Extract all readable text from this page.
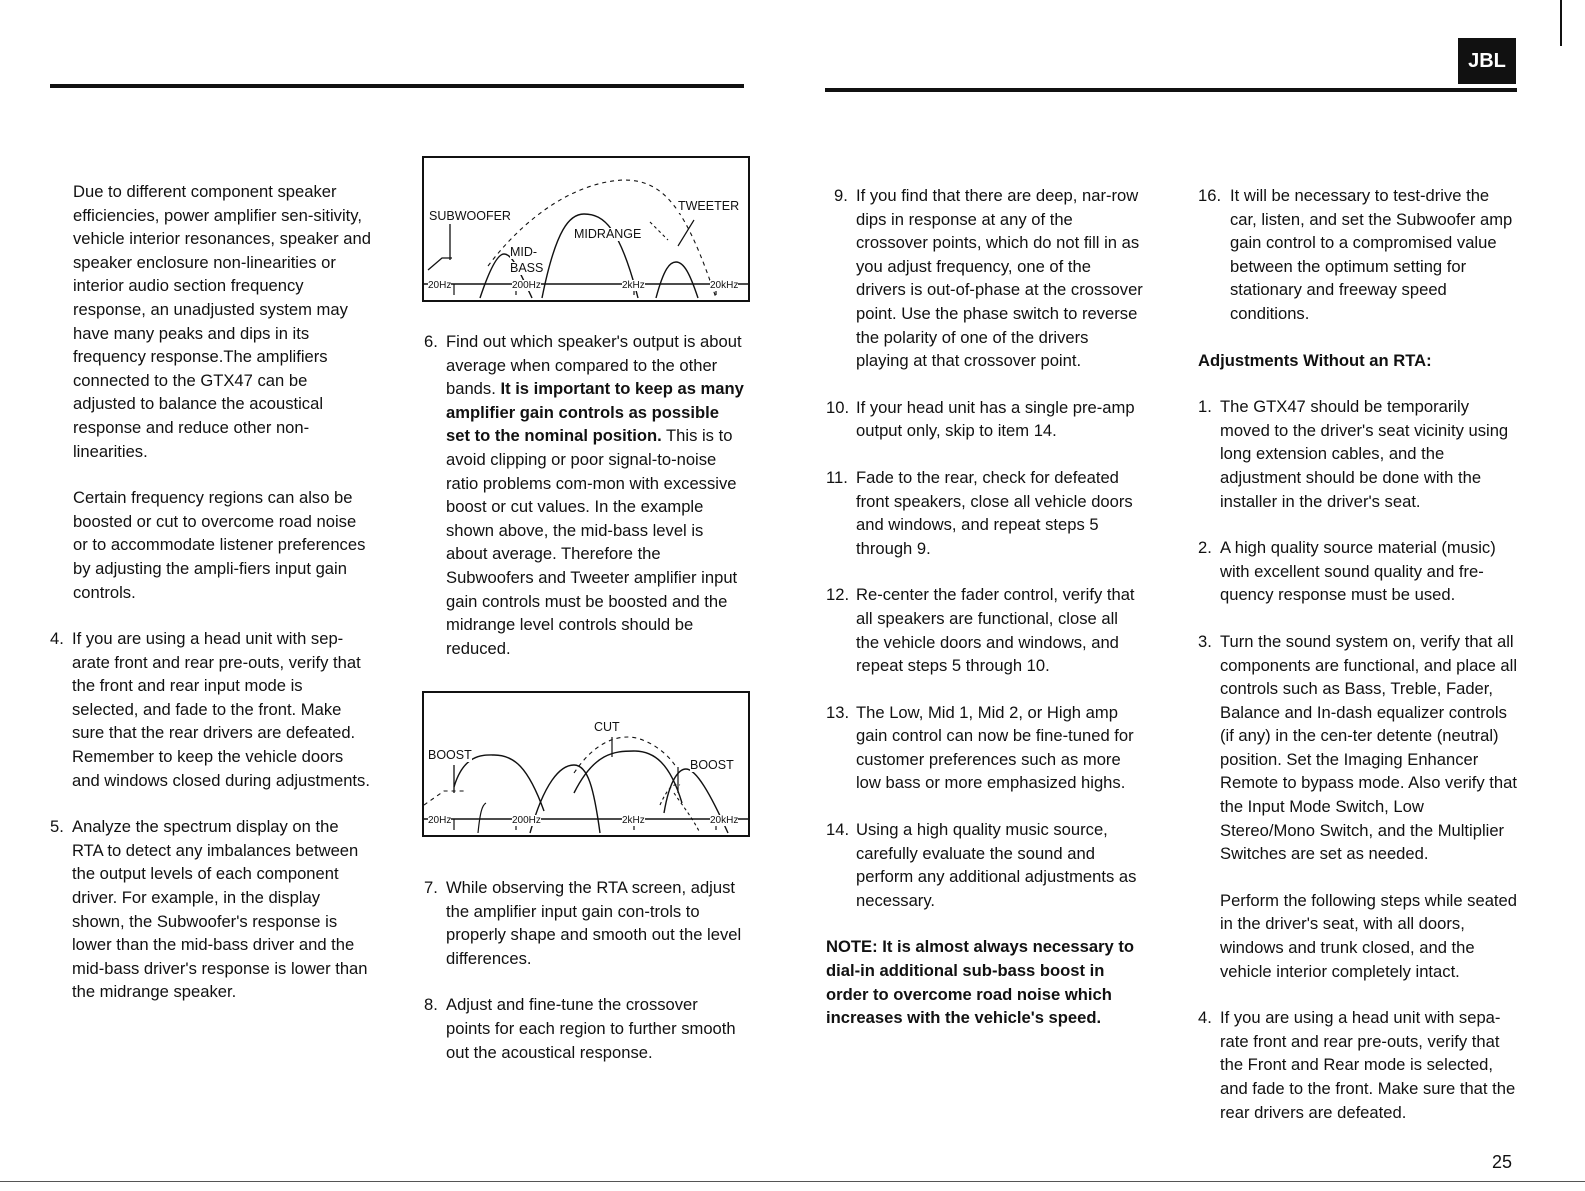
JBL

Due to different component speaker efficiencies, power amplifier sen-sitivity, vehicle interior resonances, speaker and speaker enclosure non-linearities or interior audio section frequency response, an unadjusted system may have many peaks and dips in its frequency response.The amplifiers connected to the GTX47 can be adjusted to balance the acoustical response and reduce other non-linearities.

Certain frequency regions can also be boosted or cut to overcome road noise or to accommodate listener preferences by adjusting the ampli-fiers input gain controls.

4. If you are using a head unit with sep-arate front and rear pre-outs, verify that the front and rear input mode is selected, and fade to the front. Make sure that the rear drivers are defeated. Remember to keep the vehicle doors and windows closed during adjustments.
5. Analyze the spectrum display on the RTA to detect any imbalances between the output levels of each component driver. For example, in the display shown, the Subwoofer's response is lower than the mid-bass driver and the mid-bass driver's response is lower than the midrange speaker.
SUBWOOFER
TWEETER
MIDRANGE
MID-
BASS
20Hz	200Hz	2kHz	20kHz
6. Find out which speaker's output is about average when compared to the other bands. It is important to keep as many amplifier gain controls as possible set to the nominal position. This is to avoid clipping or poor signal-to-noise ratio problems com-mon with excessive boost or cut values. In the example shown above, the mid-bass level is about average. Therefore the Subwoofers and Tweeter amplifier input gain controls must be boosted and the midrange level controls should be reduced.
CUT
BOOST
BOOST
20Hz	200Hz	2kHz	20kHz
7. While observing the RTA screen, adjust the amplifier input gain con-trols to properly shape and smooth out the level differences.
8. Adjust and fine-tune the crossover points for each region to further smooth out the acoustical response.
9. If you find that there are deep, nar-row dips in response at any of the crossover points, which do not fill in as you adjust frequency, one of the drivers is out-of-phase at the crossover point. Use the phase switch to reverse the polarity of one of the drivers playing at that crossover point.
10. If your head unit has a single pre-amp output only, skip to item 14.
11. Fade to the rear, check for defeated front speakers, close all vehicle doors and windows, and repeat steps 5 through 9.
12. Re-center the fader control, verify that all speakers are functional, close all the vehicle doors and windows, and repeat steps 5 through 10.
13. The Low, Mid 1, Mid 2, or High amp gain control can now be fine-tuned for customer preferences such as more low bass or more emphasized highs.
14. Using a high quality music source, carefully evaluate the sound and perform any additional adjustments as necessary.

NOTE: It is almost always necessary to dial-in additional sub-bass boost in order to overcome road noise which increases with the vehicle's speed.

16. It will be necessary to test-drive the car, listen, and set the Subwoofer amp gain control to a compromised value between the optimum setting for stationary and freeway speed conditions.

Adjustments Without an RTA:

1. The GTX47 should be temporarily moved to the driver's seat vicinity using long extension cables, and the adjustment should be done with the installer in the driver's seat.
2. A high quality source material (music) with excellent sound quality and fre-quency response must be used.
3. Turn the sound system on, verify that all components are functional, and place all controls such as Bass, Treble, Fader, Balance and In-dash equalizer controls (if any) in the cen-ter detente (neutral) position. Set the Imaging Enhancer Remote to bypass mode. Also verify that the Input Mode Switch, Low Stereo/Mono Switch, and the Multiplier Switches are set as needed.

Perform the following steps while seated in the driver's seat, with all doors, windows and trunk closed, and the vehicle interior completely intact.

4. If you are using a head unit with sepa-rate front and rear pre-outs, verify that the Front and Rear mode is selected, and fade to the front. Make sure that the rear drivers are defeated.
25
